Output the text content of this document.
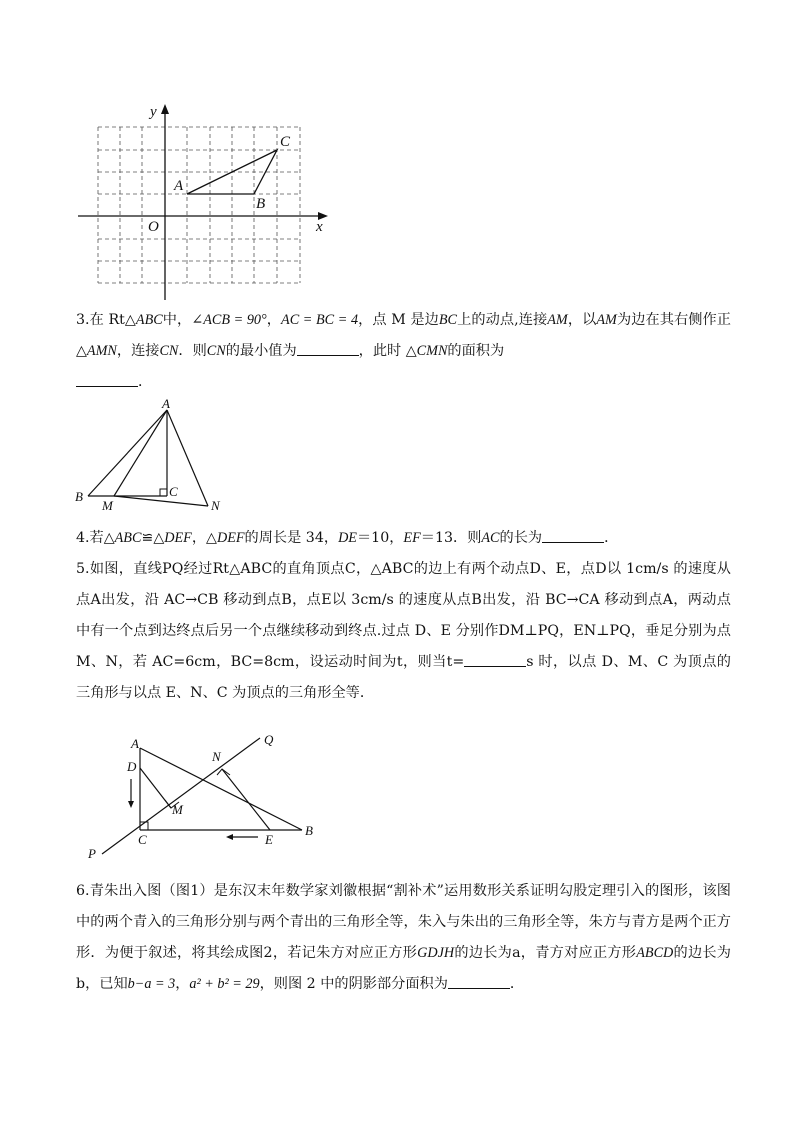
y
x
O
A
B
C

3.在 Rt△ABC中，∠ACB = 90°，AC = BC = 4，点 M 是边BC上的动点,连接AM，以AM为边在其右侧作正 △AMN，连接CN．则CN的最小值为	，此时 △CMN的面积为
．

A
B
M
C
N

4.若△ABC≌△DEF，△DEF的周长是 34，DE＝10，EF＝13．则AC的长为	．

5.如图，直线PQ经过Rt△ABC的直角顶点C，△ABC的边上有两个动点D、E，点D以 1cm/s 的速度从点A出发，沿 AC→CB 移动到点B，点E以 3cm/s 的速度从点B出发，沿 BC→CA 移动到点A，两动点中有一个点到达终点后另一个点继续移动到终点.过点 D、E 分别作DM⊥PQ，EN⊥PQ，垂足分别为点M、N，若 AC=6cm，BC=8cm，设运动时间为t，则当t=	s 时，以点 D、M、C 为顶点的三角形与以点 E、N、C 为顶点的三角形全等．

A
D
N
Q
M
C	E
B
P

6.青朱出入图（图1）是东汉末年数学家刘徽根据“割补术”运用数形关系证明勾股定理引入的图形，该图中的两个青入的三角形分别与两个青出的三角形全等，朱入与朱出的三角形全等，朱方与青方是两个正方形．为便于叙述，将其绘成图2，若记朱方对应正方形GDJH的边长为a，青方对应正方形ABCD的边长为b，已知b−a = 3，a² + b² = 29，则图 2 中的阴影部分面积为	．
